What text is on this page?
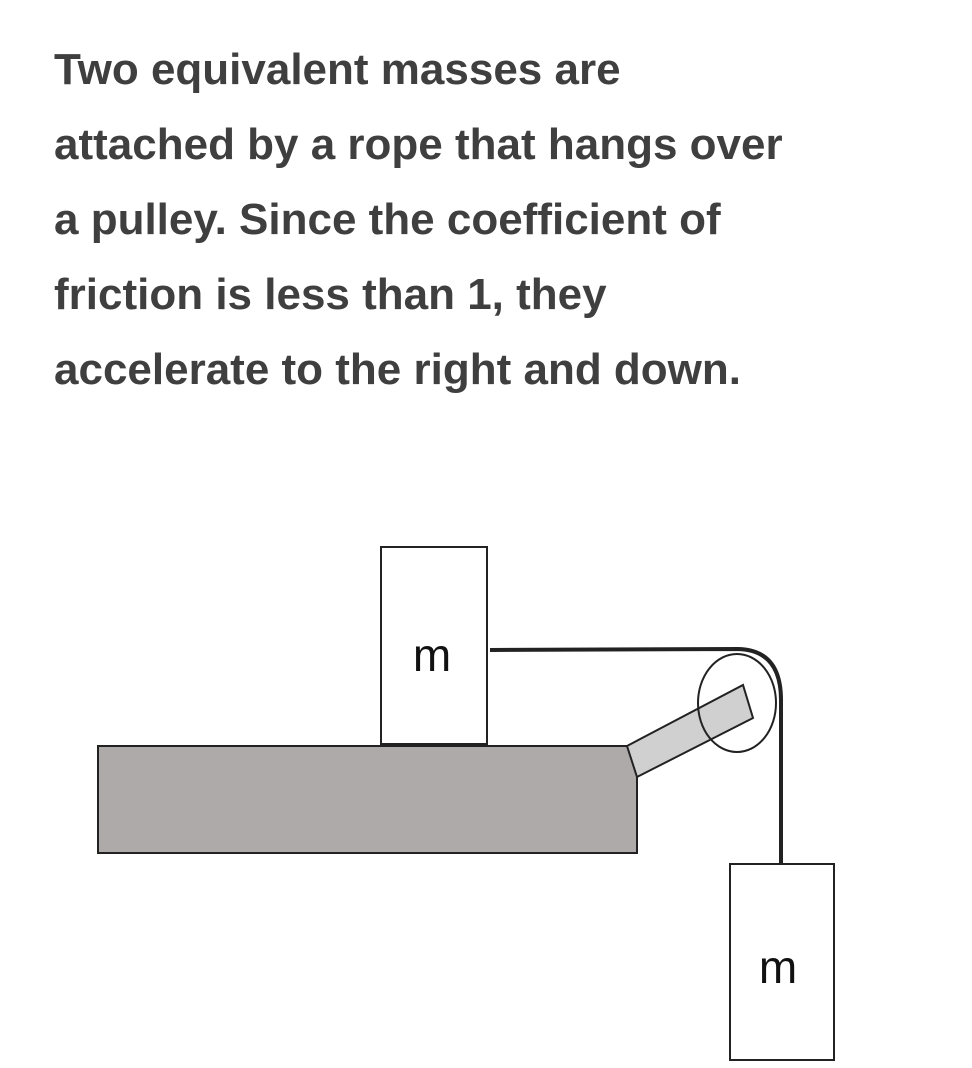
Two equivalent masses are
attached by a rope that hangs over
a pulley. Since the coefficient of
friction is less than 1, they
accelerate to the right and down.

m
m
